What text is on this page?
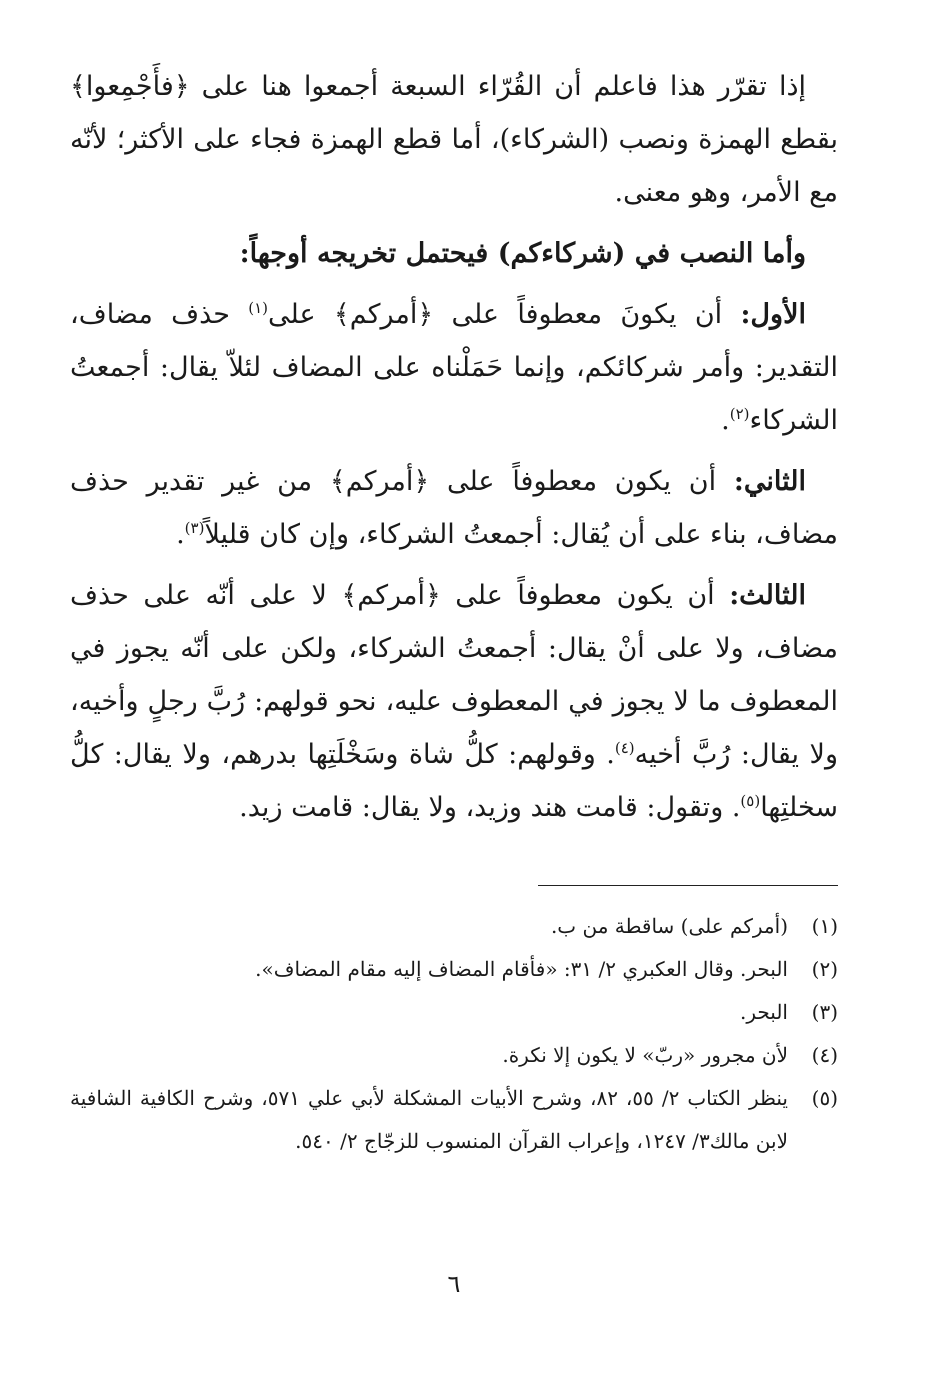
إذا تقرّر هذا فاعلم أن القُرّاء السبعة أجمعوا هنا على ﴿فأَجْمِعوا﴾ بقطع الهمزة ونصب (الشركاء)، أما قطع الهمزة فجاء على الأكثر؛ لأنّه مع الأمر، وهو معنى.

وأما النصب في (شركاءكم) فيحتمل تخريجه أوجهاً:

الأول: أن يكونَ معطوفاً على ﴿أمركم﴾ على$^{(١)}$ حذف مضاف، التقدير: وأمر شركائكم، وإنما حَمَلْناه على المضاف لئلاّ يقال: أجمعتُ الشركاء$^{(٢)}$.

الثاني: أن يكون معطوفاً على ﴿أمركم﴾ من غير تقدير حذف مضاف، بناء على أن يُقال: أجمعتُ الشركاء، وإن كان قليلاً$^{(٣)}$.

الثالث: أن يكون معطوفاً على ﴿أمركم﴾ لا على أنّه على حذف مضاف، ولا على أنْ يقال: أجمعتُ الشركاء، ولكن على أنّه يجوز في المعطوف ما لا يجوز في المعطوف عليه، نحو قولهم: رُبَّ رجلٍ وأخيه، ولا يقال: رُبَّ أخيه$^{(٤)}$. وقولهم: كلُّ شاة وسَخْلَتِها بدرهم، ولا يقال: كلُّ سخلتِها$^{(٥)}$. وتقول: قامت هند وزيد، ولا يقال: قامت زيد.

(١)
(أمركم على) ساقطة من ب.
(٢)
البحر. وقال العكبري ٢/ ٣١: «فأقام المضاف إليه مقام المضاف».
(٣)
البحر.
(٤)
لأن مجرور «ربّ» لا يكون إلا نكرة.
(٥)
ينظر الكتاب ٢/ ٥٥، ٨٢، وشرح الأبيات المشكلة لأبي علي ٥٧١، وشرح الكافية الشافية لابن مالك٣/ ١٢٤٧، وإعراب القرآن المنسوب للزجّاج ٢/ ٥٤٠.
٦
